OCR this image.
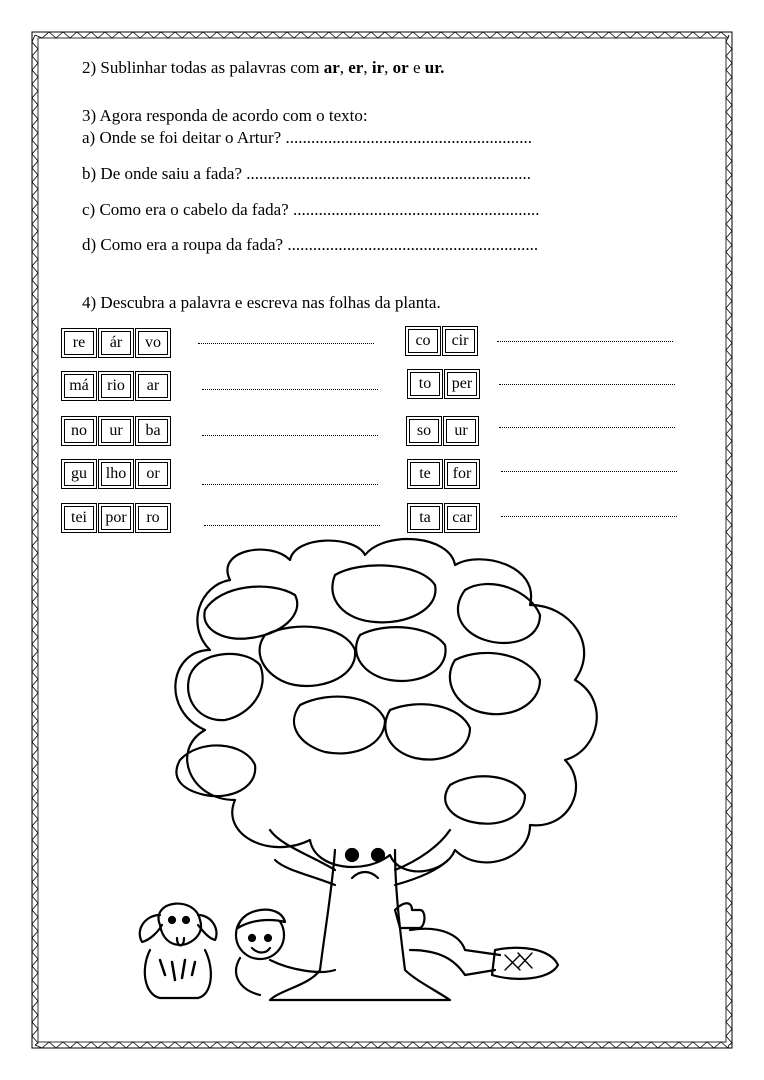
2) Sublinhar todas as palavras com ar, er, ir, or e ur.
3) Agora responda de acordo com o texto:
a) Onde se foi deitar o Artur? ..........................................................
b) De onde saiu a fada? ...................................................................
c) Como era o cabelo da fada? ..........................................................
d) Como era a roupa da fada? ...........................................................
4) Descubra a palavra e escreva nas folhas da planta.
re	ár	vo
má	rio	ar
no	ur	ba
gu	lho	or
tei	por	ro
co	cir
to	per
so	ur
te	for
ta	car
